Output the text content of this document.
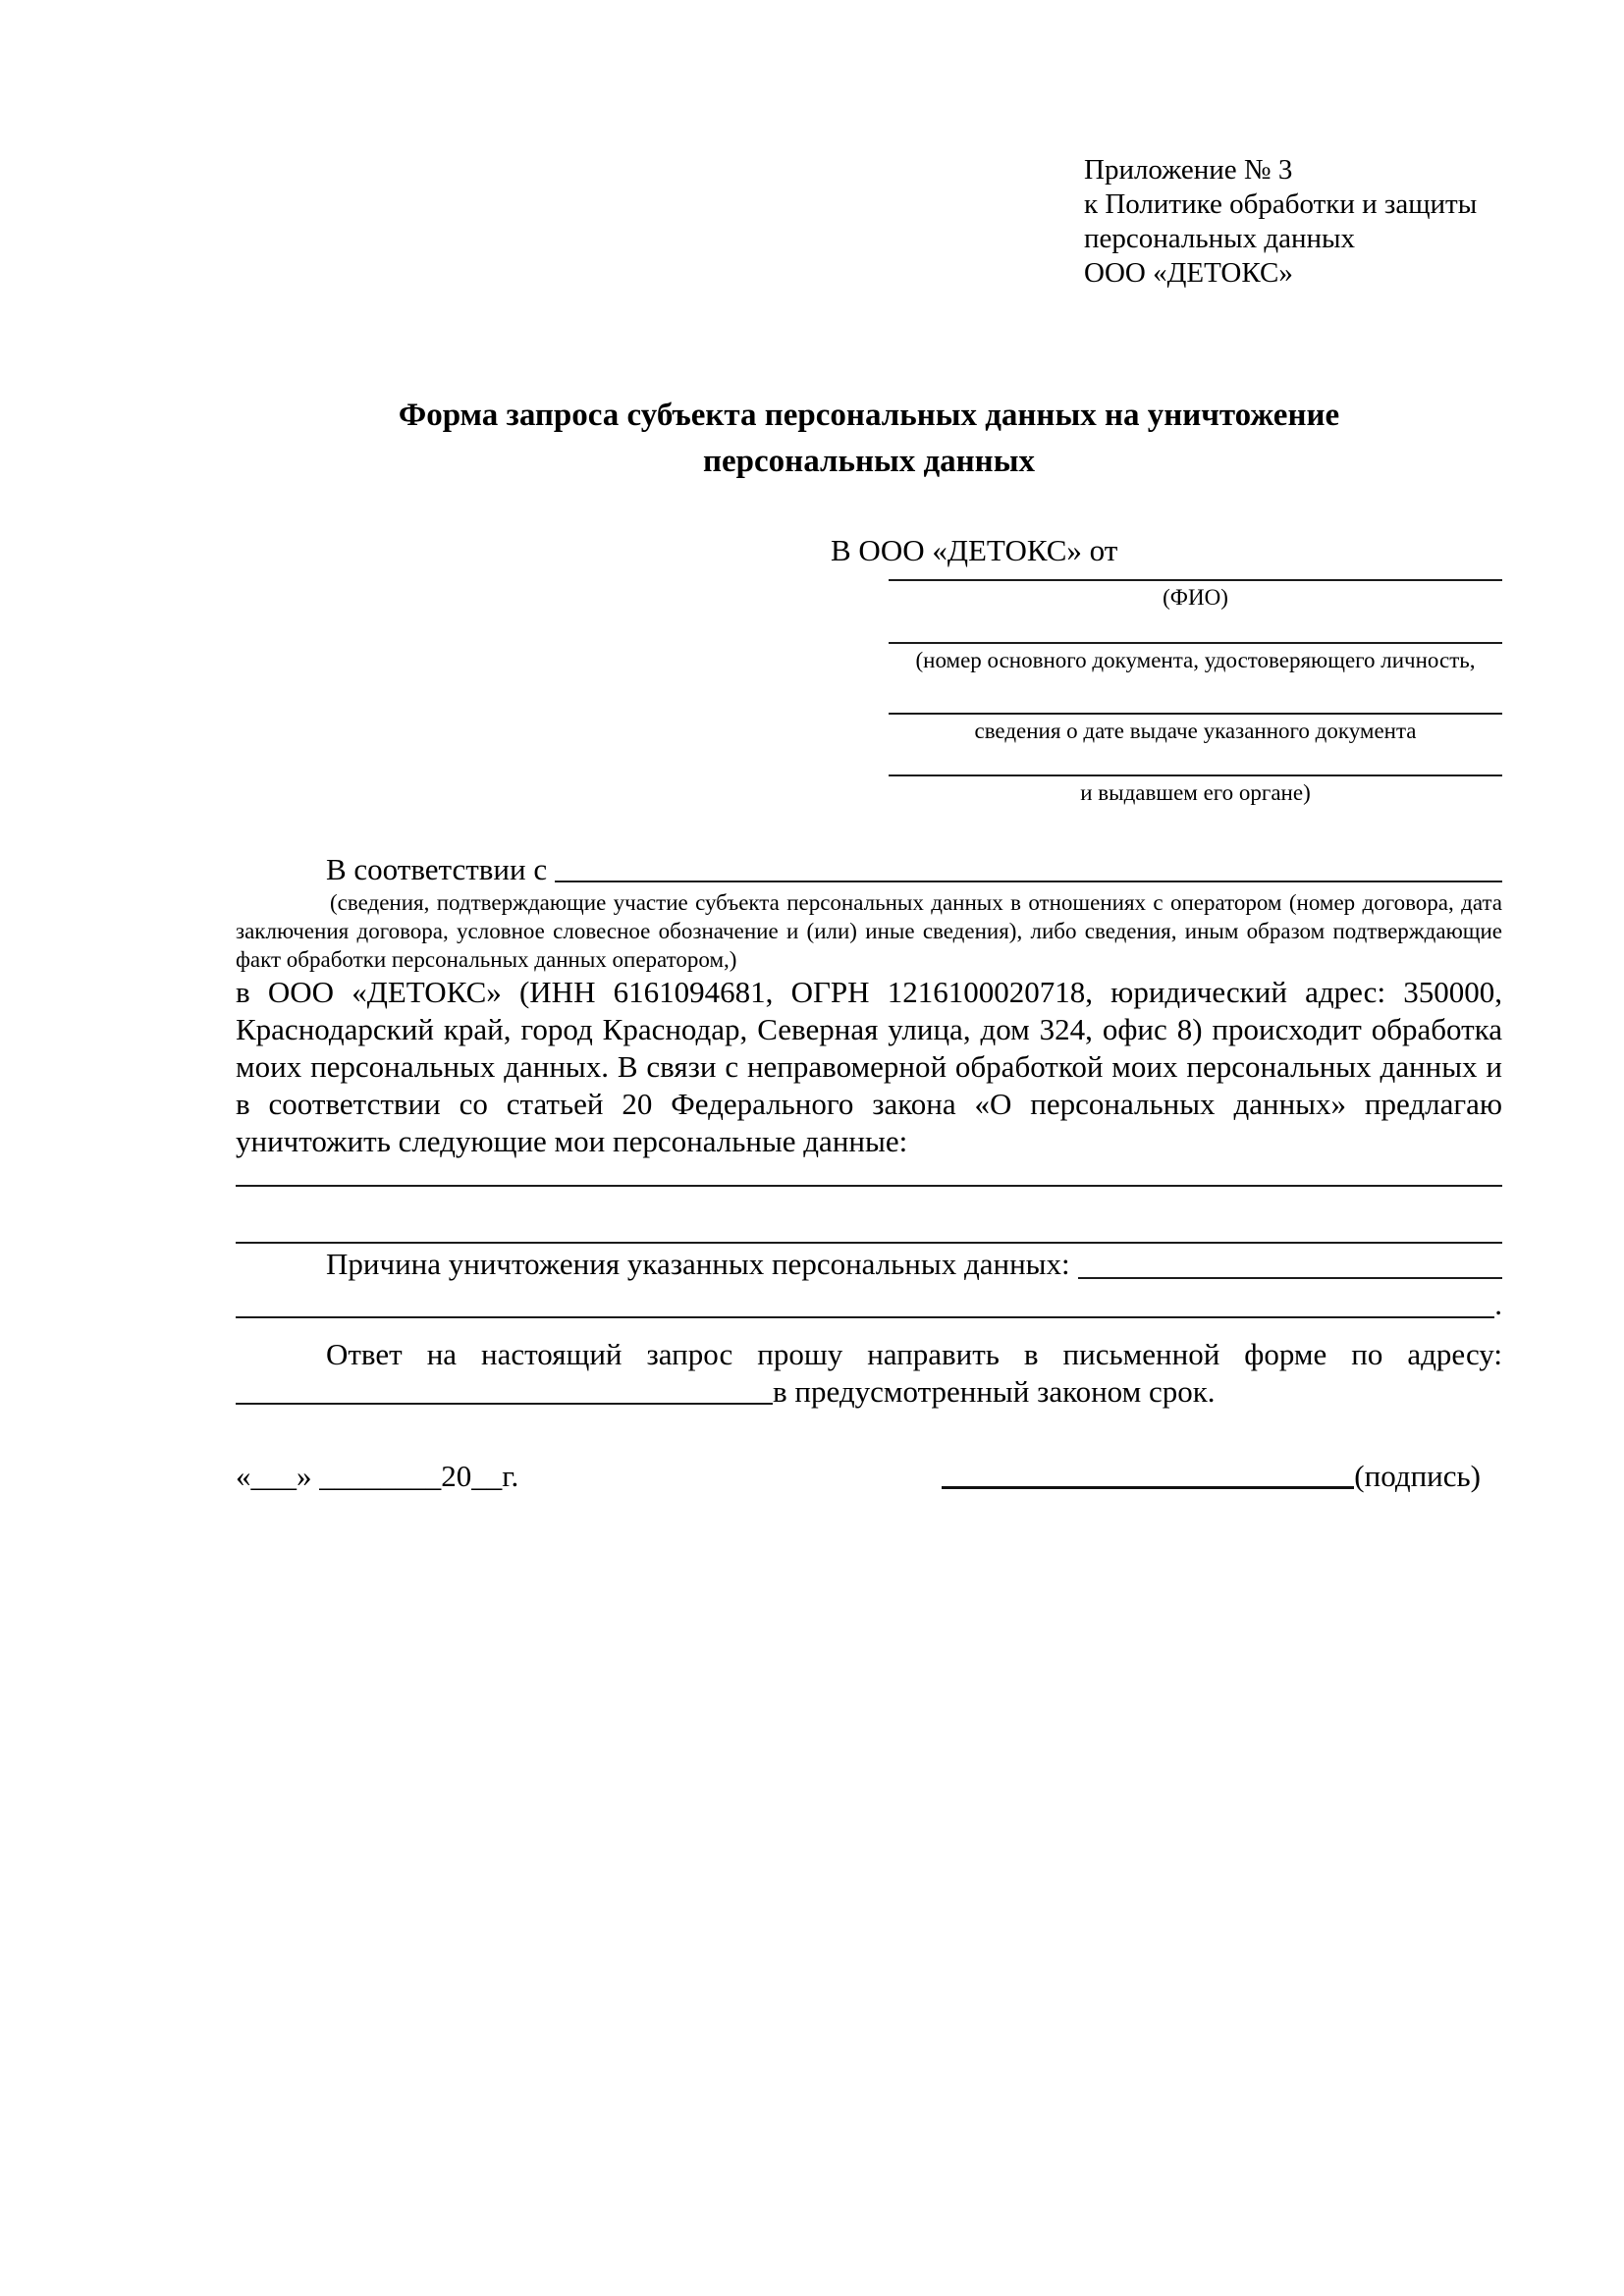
Приложение № 3
к Политике обработки и защиты
персональных данных
ООО «ДЕТОКС»
Форма запроса субъекта персональных данных на уничтожение
персональных данных
В ООО «ДЕТОКС» от
(ФИО)
(номер основного документа, удостоверяющего личность,
сведения о дате выдаче указанного документа
и выдавшем его органе)
В соответствии с
(сведения, подтверждающие участие субъекта персональных данных в отношениях с оператором (номер договора, дата заключения договора, условное словесное обозначение и (или) иные сведения), либо сведения, иным образом подтверждающие факт обработки персональных данных оператором,)
в ООО «ДЕТОКС» (ИНН 6161094681, ОГРН 1216100020718, юридический адрес: 350000, Краснодарский край, город Краснодар, Северная улица, дом 324, офис 8) происходит обработка моих персональных данных. В связи с неправомерной обработкой моих персональных данных и в соответствии со статьей 20 Федерального закона «О персональных данных» предлагаю уничтожить следующие мои персональные данные:
Причина уничтожения указанных персональных данных:
.
Ответ на настоящий запрос прошу направить в письменной форме по адресу:
в предусмотренный законом срок.
«___» ________20__г.	(подпись)
